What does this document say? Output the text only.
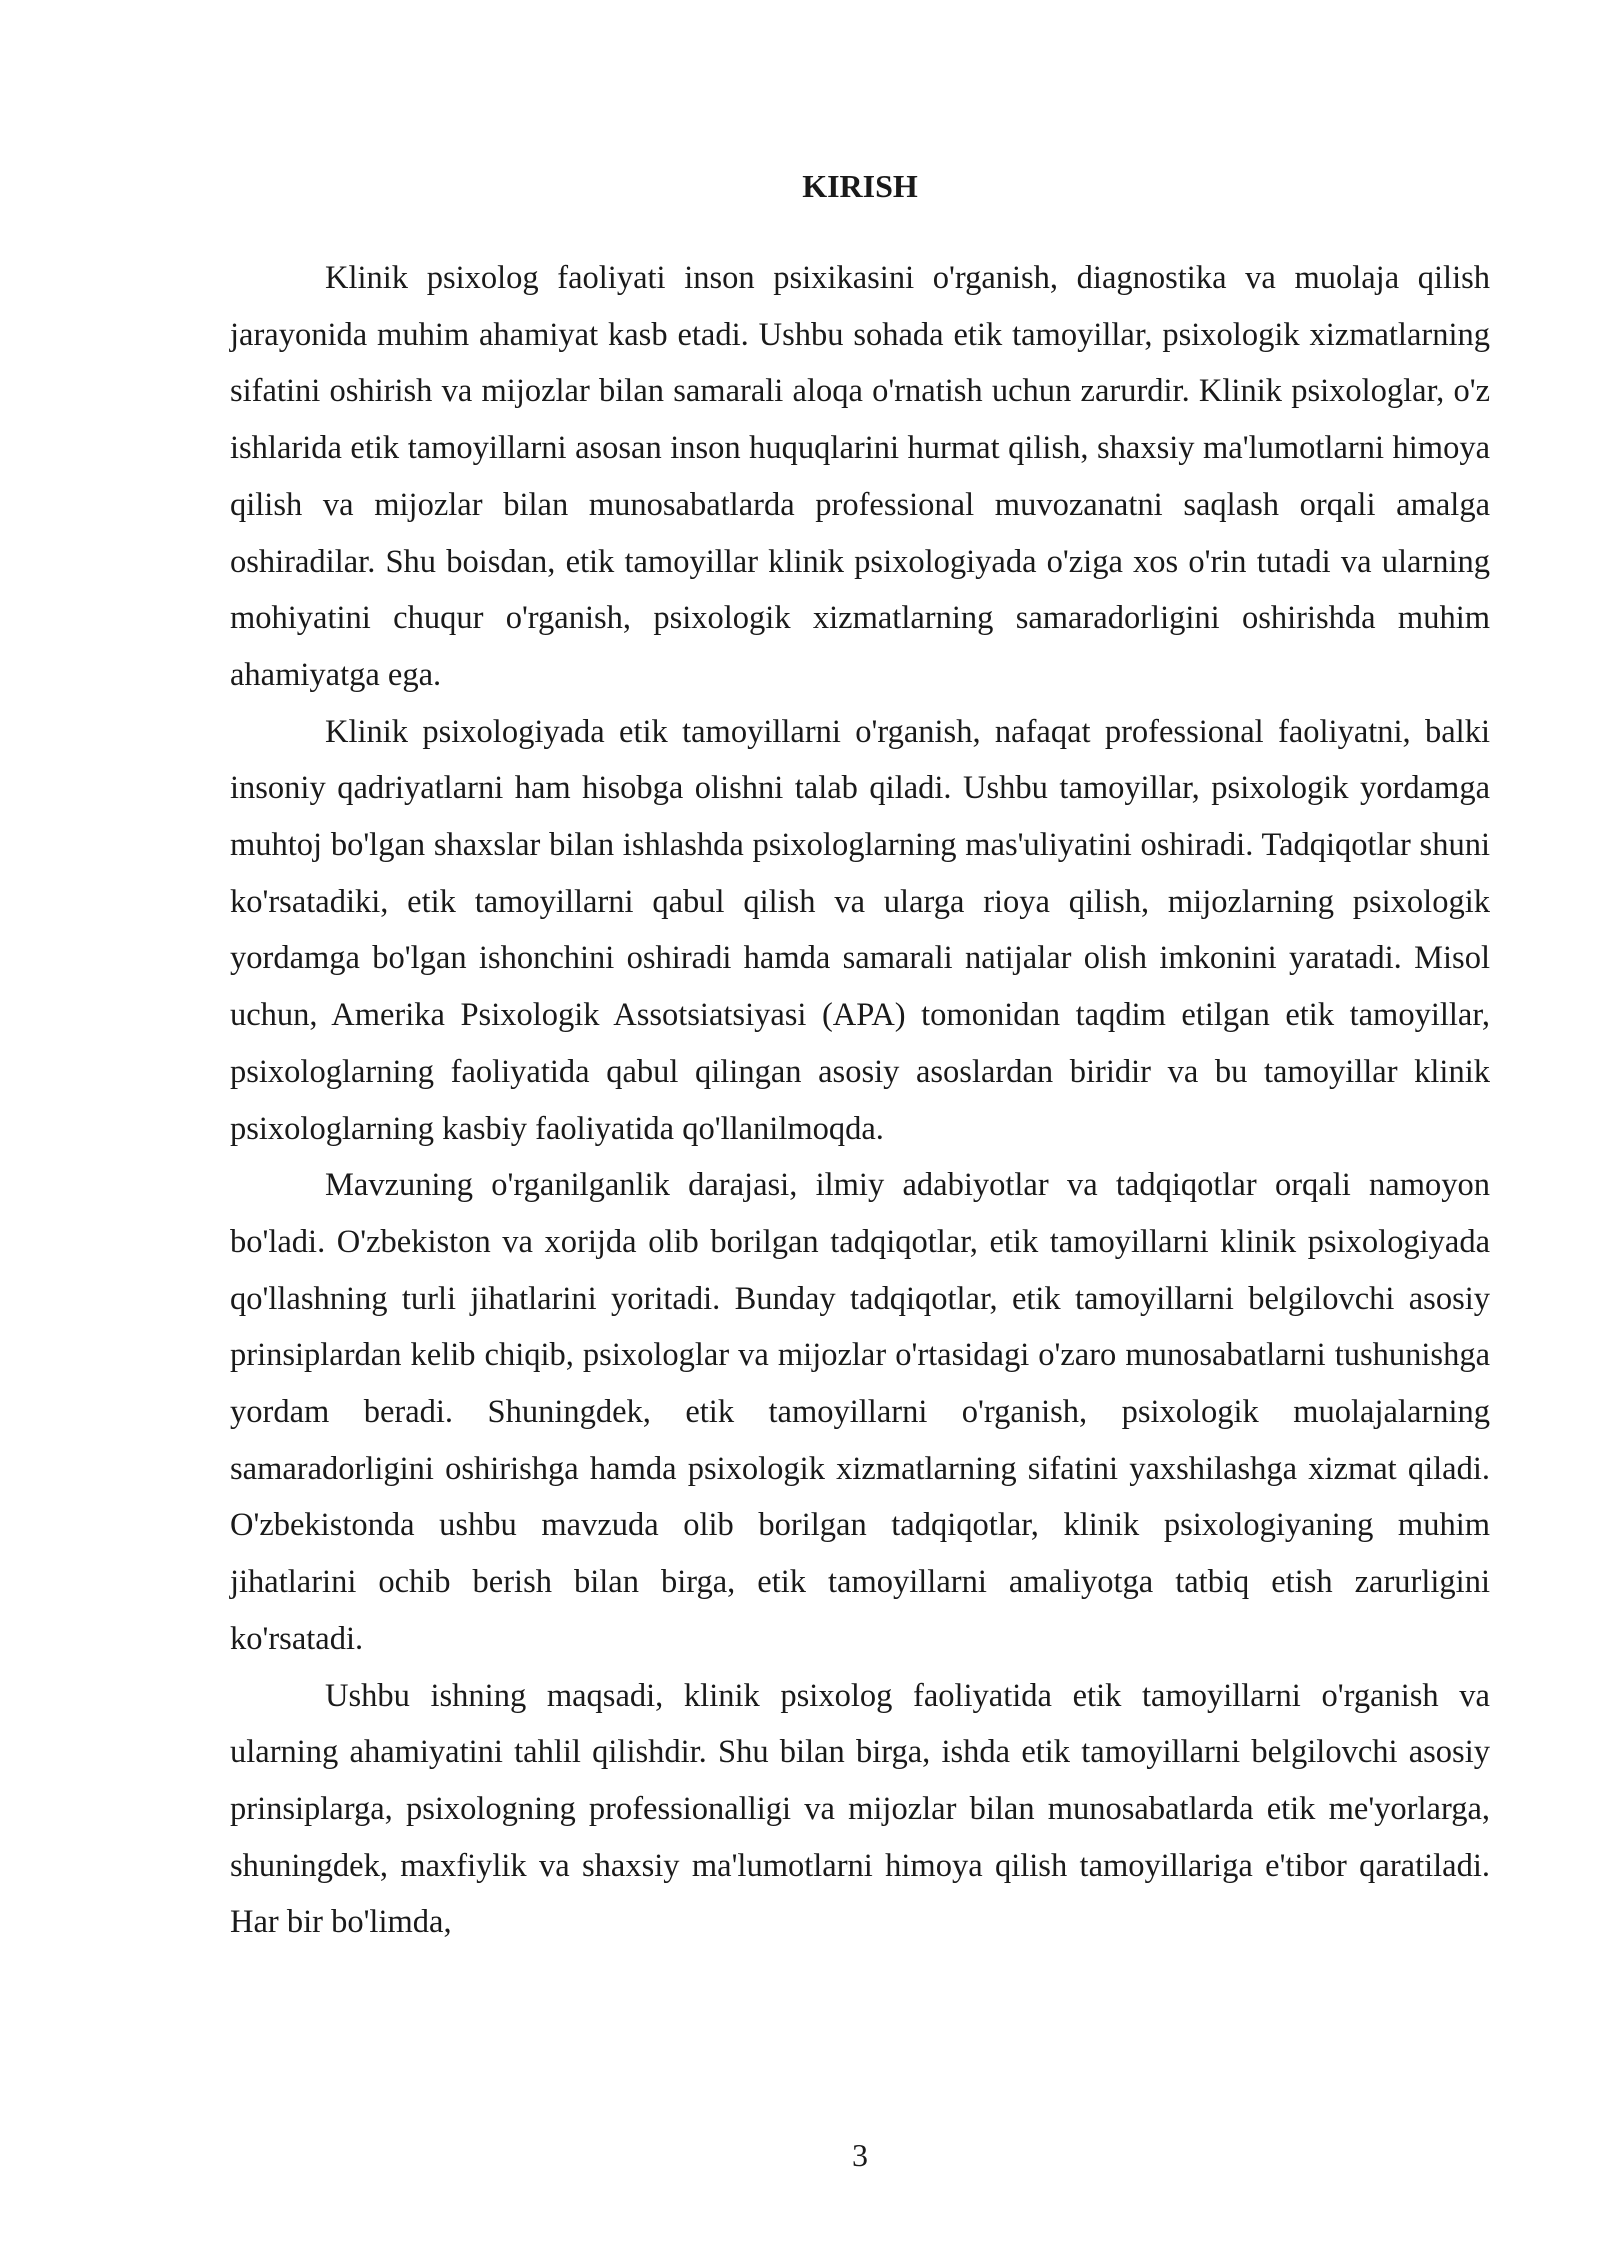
KIRISH

Klinik psixolog faoliyati inson psixikasini o'rganish, diagnostika va muolaja qilish jarayonida muhim ahamiyat kasb etadi. Ushbu sohada etik tamoyillar, psixologik xizmatlarning sifatini oshirish va mijozlar bilan samarali aloqa o'rnatish uchun zarurdir. Klinik psixologlar, o'z ishlarida etik tamoyillarni asosan inson huquqlarini hurmat qilish, shaxsiy ma'lumotlarni himoya qilish va mijozlar bilan munosabatlarda professional muvozanatni saqlash orqali amalga oshiradilar. Shu boisdan, etik tamoyillar klinik psixologiyada o'ziga xos o'rin tutadi va ularning mohiyatini chuqur o'rganish, psixologik xizmatlarning samaradorligini oshirishda muhim ahamiyatga ega.

Klinik psixologiyada etik tamoyillarni o'rganish, nafaqat professional faoliyatni, balki insoniy qadriyatlarni ham hisobga olishni talab qiladi. Ushbu tamoyillar, psixologik yordamga muhtoj bo'lgan shaxslar bilan ishlashda psixologlarning mas'uliyatini oshiradi. Tadqiqotlar shuni ko'rsatadiki, etik tamoyillarni qabul qilish va ularga rioya qilish, mijozlarning psixologik yordamga bo'lgan ishonchini oshiradi hamda samarali natijalar olish imkonini yaratadi. Misol uchun, Amerika Psixologik Assotsiatsiyasi (APA) tomonidan taqdim etilgan etik tamoyillar, psixologlarning faoliyatida qabul qilingan asosiy asoslardan biridir va bu tamoyillar klinik psixologlarning kasbiy faoliyatida qo'llanilmoqda.

Mavzuning o'rganilganlik darajasi, ilmiy adabiyotlar va tadqiqotlar orqali namoyon bo'ladi. O'zbekiston va xorijda olib borilgan tadqiqotlar, etik tamoyillarni klinik psixologiyada qo'llashning turli jihatlarini yoritadi. Bunday tadqiqotlar, etik tamoyillarni belgilovchi asosiy prinsiplardan kelib chiqib, psixologlar va mijozlar o'rtasidagi o'zaro munosabatlarni tushunishga yordam beradi. Shuningdek, etik tamoyillarni o'rganish, psixologik muolajalarning samaradorligini oshirishga hamda psixologik xizmatlarning sifatini yaxshilashga xizmat qiladi. O'zbekistonda ushbu mavzuda olib borilgan tadqiqotlar, klinik psixologiyaning muhim jihatlarini ochib berish bilan birga, etik tamoyillarni amaliyotga tatbiq etish zarurligini ko'rsatadi.

Ushbu ishning maqsadi, klinik psixolog faoliyatida etik tamoyillarni o'rganish va ularning ahamiyatini tahlil qilishdir. Shu bilan birga, ishda etik tamoyillarni belgilovchi asosiy prinsiplarga, psixologning professionalligi va mijozlar bilan munosabatlarda etik me'yorlarga, shuningdek, maxfiylik va shaxsiy ma'lumotlarni himoya qilish tamoyillariga e'tibor qaratiladi. Har bir bo'limda,

3
